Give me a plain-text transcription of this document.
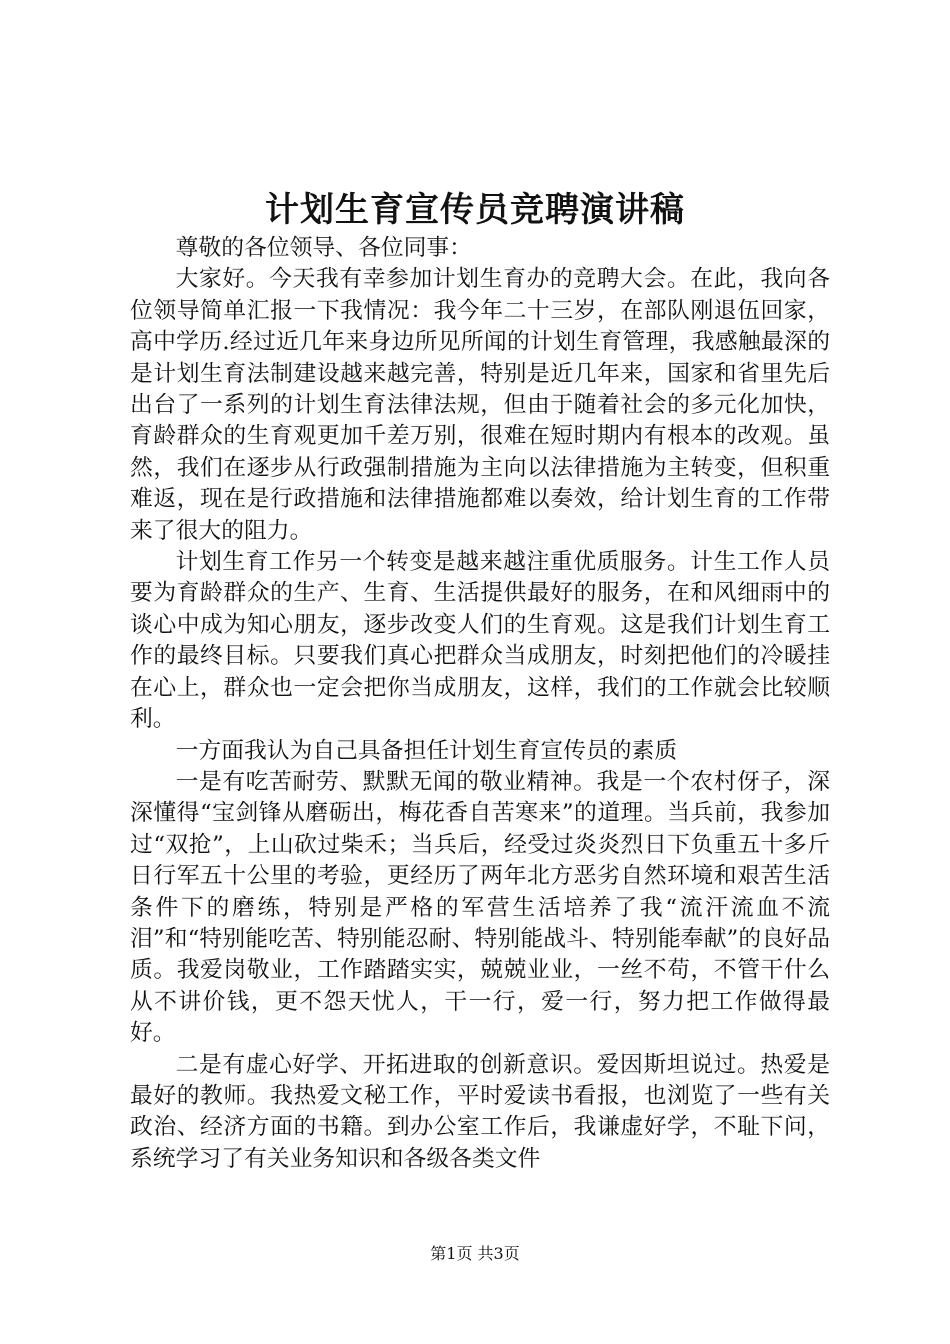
计划生育宣传员竞聘演讲稿

尊敬的各位领导、各位同事：

大家好。今天我有幸参加计划生育办的竞聘大会。在此，我向各位领导简单汇报一下我情况：我今年二十三岁，在部队刚退伍回家，高中学历.经过近几年来身边所见所闻的计划生育管理，我感触最深的是计划生育法制建设越来越完善，特别是近几年来，国家和省里先后出台了一系列的计划生育法律法规，但由于随着社会的多元化加快，育龄群众的生育观更加千差万别，很难在短时期内有根本的改观。虽然，我们在逐步从行政强制措施为主向以法律措施为主转变，但积重难返，现在是行政措施和法律措施都难以奏效，给计划生育的工作带来了很大的阻力。

计划生育工作另一个转变是越来越注重优质服务。计生工作人员要为育龄群众的生产、生育、生活提供最好的服务，在和风细雨中的谈心中成为知心朋友，逐步改变人们的生育观。这是我们计划生育工作的最终目标。只要我们真心把群众当成朋友，时刻把他们的冷暖挂在心上，群众也一定会把你当成朋友，这样，我们的工作就会比较顺利。

一方面我认为自己具备担任计划生育宣传员的素质

一是有吃苦耐劳、默默无闻的敬业精神。我是一个农村伢子，深深懂得“宝剑锋从磨砺出，梅花香自苦寒来”的道理。当兵前，我参加过“双抢”，上山砍过柴禾；当兵后，经受过炎炎烈日下负重五十多斤日行军五十公里的考验，更经历了两年北方恶劣自然环境和艰苦生活条件下的磨练，特别是严格的军营生活培养了我“流汗流血不流泪”和“特别能吃苦、特别能忍耐、特别能战斗、特别能奉献”的良好品质。我爱岗敬业，工作踏踏实实，兢兢业业，一丝不苟，不管干什么从不讲价钱，更不怨天忧人，干一行，爱一行，努力把工作做得最好。

二是有虚心好学、开拓进取的创新意识。爱因斯坦说过。热爱是最好的教师。我热爱文秘工作，平时爱读书看报，也浏览了一些有关政治、经济方面的书籍。到办公室工作后，我谦虚好学，不耻下问，系统学习了有关业务知识和各级各类文件

第1页 共3页
